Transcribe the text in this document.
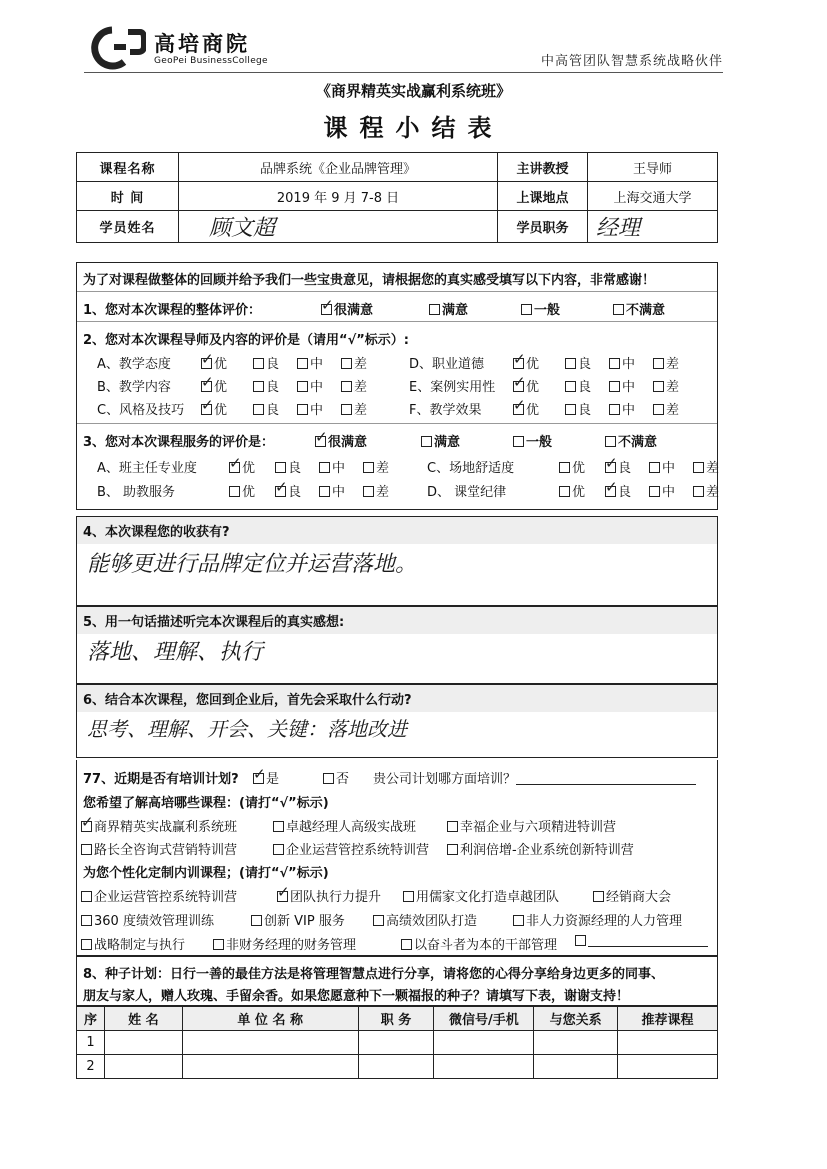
高培商院
GeoPei BusinessCollege	中高管团队智慧系统战略伙伴
《商界精英实战赢利系统班》
课程小结表
课程名称	品牌系统《企业品牌管理》	主讲教授	王导师
时 间	2019 年 9 月 7-8 日	上课地点	上海交通大学
学员姓名	顾文超	学员职务	经理
为了对课程做整体的回顾并给予我们一些宝贵意见，请根据您的真实感受填写以下内容，非常感谢！
1、您对本次课程的整体评价： ✓	很满意	满意	一般	不满意
2、您对本次课程导师及内容的评价是（请用“√”标示）:
A、教学态度 ✓	优	良	中	差
B、教学内容 ✓	优	良	中	差
C、风格及技巧 ✓	优	良	中	差
D、职业道德 ✓	优	良	中	差
E、案例实用性 ✓	优	良	中	差
F、教学效果 ✓	优	良	中	差
3、您对本次课程服务的评价是： ✓	很满意	满意	一般	不满意
A、班主任专业度 ✓	优	良	中	差
B、 助教服务	优 ✓	良	中	差
C、场地舒适度	优 ✓	良	中	差
D、 课堂纪律	优 ✓	良	中	差
4、本次课程您的收获有?
能够更进行品牌定位并运营落地。
5、用一句话描述听完本次课程后的真实感想:
落地、理解、执行
6、结合本次课程，您回到企业后，首先会采取什么行动?
思考、理解、开会、关键：落地改进
77、近期是否有培训计划? ✓	是	否 贵公司计划哪方面培训？
您希望了解高培哪些课程：(请打“√”标示)
✓商界精英实战赢利系统班	卓越经理人高级实战班	幸福企业与六项精进特训营
路长全咨询式营销特训营	企业运营管控系统特训营	利润倍增-企业系统创新特训营
为您个性化定制内训课程；(请打“√”标示)
企业运营管控系统特训营 ✓	团队执行力提升	用儒家文化打造卓越团队	经销商大会
360 度绩效管理训练	创新 VIP 服务	高绩效团队打造	非人力资源经理的人力管理
战略制定与执行	非财务经理的财务管理	以奋斗者为本的干部管理
8、种子计划：日行一善的最佳方法是将管理智慧点进行分享，请将您的心得分享给身边更多的同事、
朋友与家人，赠人玫瑰、手留余香。如果您愿意种下一颗福报的种子？请填写下表，谢谢支持！
序	姓 名	单 位 名 称	职 务	微信号/手机	与您关系	推荐课程
1						
2						
